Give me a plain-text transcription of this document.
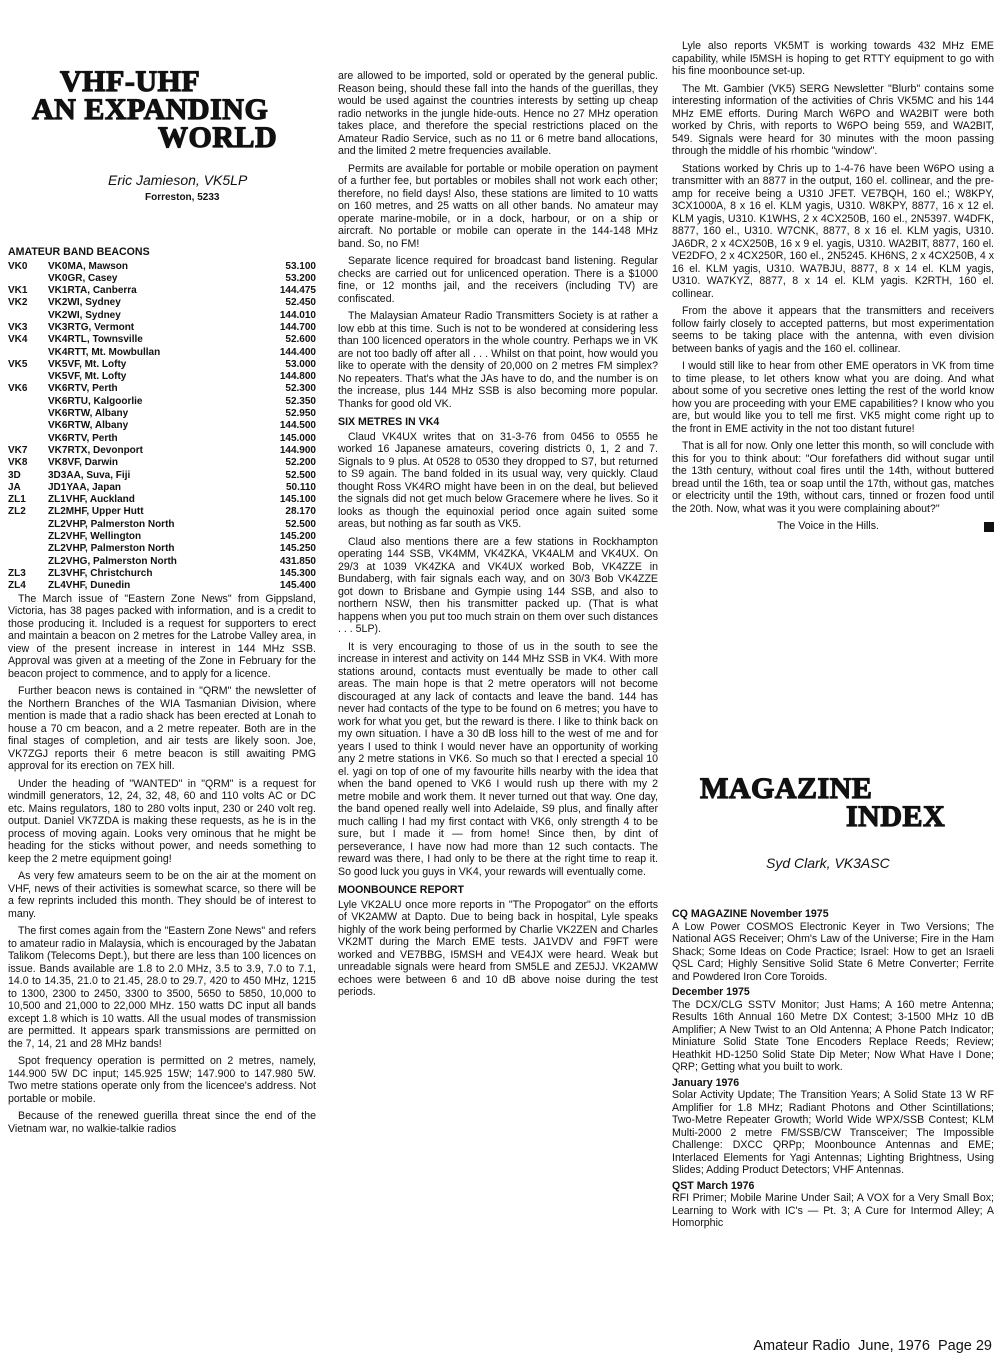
VHF-UHF
AN EXPANDING
WORLD
Eric Jamieson, VK5LP
Forreston, 5233
AMATEUR BAND BEACONS
VK0	VK0MA, Mawson	53.100
	VK0GR, Casey	53.200
VK1	VK1RTA, Canberra	144.475
VK2	VK2WI, Sydney	52.450
	VK2WI, Sydney	144.010
VK3	VK3RTG, Vermont	144.700
VK4	VK4RTL, Townsville	52.600
	VK4RTT, Mt. Mowbullan	144.400
VK5	VK5VF, Mt. Lofty	53.000
	VK5VF, Mt. Lofty	144.800
VK6	VK6RTV, Perth	52.300
	VK6RTU, Kalgoorlie	52.350
	VK6RTW, Albany	52.950
	VK6RTW, Albany	144.500
	VK6RTV, Perth	145.000
VK7	VK7RTX, Devonport	144.900
VK8	VK8VF, Darwin	52.200
3D	3D3AA, Suva, Fiji	52.500
JA	JD1YAA, Japan	50.110
ZL1	ZL1VHF, Auckland	145.100
ZL2	ZL2MHF, Upper Hutt	28.170
	ZL2VHP, Palmerston North	52.500
	ZL2VHF, Wellington	145.200
	ZL2VHP, Palmerston North	145.250
	ZL2VHG, Palmerston North	431.850
ZL3	ZL3VHF, Christchurch	145.300
ZL4	ZL4VHF, Dunedin	145.400

The March issue of "Eastern Zone News" from Gippsland, Victoria, has 38 pages packed with information, and is a credit to those producing it. Included is a request for supporters to erect and maintain a beacon on 2 metres for the Latrobe Valley area, in view of the present increase in interest in 144 MHz SSB. Approval was given at a meeting of the Zone in February for the beacon project to commence, and to apply for a licence.

Further beacon news is contained in "QRM" the newsletter of the Northern Branches of the WIA Tasmanian Division, where mention is made that a radio shack has been erected at Lonah to house a 70 cm beacon, and a 2 metre repeater. Both are in the final stages of completion, and air tests are likely soon. Joe, VK7ZGJ reports their 6 metre beacon is still awaiting PMG approval for its erection on 7EX hill.

Under the heading of "WANTED" in "QRM" is a request for windmill generators, 12, 24, 32, 48, 60 and 110 volts AC or DC etc. Mains regulators, 180 to 280 volts input, 230 or 240 volt reg. output. Daniel VK7ZDA is making these requests, as he is in the process of moving again. Looks very ominous that he might be heading for the sticks without power, and needs something to keep the 2 metre equipment going!

As very few amateurs seem to be on the air at the moment on VHF, news of their activities is somewhat scarce, so there will be a few reprints included this month. They should be of interest to many.

The first comes again from the "Eastern Zone News" and refers to amateur radio in Malaysia, which is encouraged by the Jabatan Talikom (Telecoms Dept.), but there are less than 100 licences on issue. Bands available are 1.8 to 2.0 MHz, 3.5 to 3.9, 7.0 to 7.1, 14.0 to 14.35, 21.0 to 21.45, 28.0 to 29.7, 420 to 450 MHz, 1215 to 1300, 2300 to 2450, 3300 to 3500, 5650 to 5850, 10,000 to 10,500 and 21,000 to 22,000 MHz. 150 watts DC input all bands except 1.8 which is 10 watts. All the usual modes of transmission are permitted. It appears spark transmissions are permitted on the 7, 14, 21 and 28 MHz bands!

Spot frequency operation is permitted on 2 metres, namely, 144.900 5W DC input; 145.925 15W; 147.900 to 147.980 5W. Two metre stations operate only from the licencee's address. Not portable or mobile.

Because of the renewed guerilla threat since the end of the Vietnam war, no walkie-talkie radios

are allowed to be imported, sold or operated by the general public. Reason being, should these fall into the hands of the guerillas, they would be used against the countries interests by setting up cheap radio networks in the jungle hide-outs. Hence no 27 MHz operation takes place, and therefore the special restrictions placed on the Amateur Radio Service, such as no 11 or 6 metre band allocations, and the limited 2 metre frequencies available.

Permits are available for portable or mobile operation on payment of a further fee, but portables or mobiles shall not work each other; therefore, no field days! Also, these stations are limited to 10 watts on 160 metres, and 25 watts on all other bands. No amateur may operate marine-mobile, or in a dock, harbour, or on a ship or aircraft. No portable or mobile can operate in the 144-148 MHz band. So, no FM!

Separate licence required for broadcast band listening. Regular checks are carried out for unlicenced operation. There is a $1000 fine, or 12 months jail, and the receivers (including TV) are confiscated.

The Malaysian Amateur Radio Transmitters Society is at rather a low ebb at this time. Such is not to be wondered at considering less than 100 licenced operators in the whole country. Perhaps we in VK are not too badly off after all . . . Whilst on that point, how would you like to operate with the density of 20,000 on 2 metres FM simplex? No repeaters. That's what the JAs have to do, and the number is on the increase, plus 144 MHz SSB is also becoming more popular. Thanks for good old VK.

SIX METRES IN VK4

Claud VK4UX writes that on 31-3-76 from 0456 to 0555 he worked 16 Japanese amateurs, covering districts 0, 1, 2 and 7. Signals to 9 plus. At 0528 to 0530 they dropped to S7, but returned to S9 again. The band folded in its usual way, very quickly. Claud thought Ross VK4RO might have been in on the deal, but believed the signals did not get much below Gracemere where he lives. So it looks as though the equinoxial period once again suited some areas, but nothing as far south as VK5.

Claud also mentions there are a few stations in Rockhampton operating 144 SSB, VK4MM, VK4ZKA, VK4ALM and VK4UX. On 29/3 at 1039 VK4ZKA and VK4UX worked Bob, VK4ZZE in Bundaberg, with fair signals each way, and on 30/3 Bob VK4ZZE got down to Brisbane and Gympie using 144 SSB, and also to northern NSW, then his transmitter packed up. (That is what happens when you put too much strain on them over such distances . . . 5LP).

It is very encouraging to those of us in the south to see the increase in interest and activity on 144 MHz SSB in VK4. With more stations around, contacts must eventually be made to other call areas. The main hope is that 2 metre operators will not become discouraged at any lack of contacts and leave the band. 144 has never had contacts of the type to be found on 6 metres; you have to work for what you get, but the reward is there. I like to think back on my own situation. I have a 30 dB loss hill to the west of me and for years I used to think I would never have an opportunity of working any 2 metre stations in VK6. So much so that I erected a special 10 el. yagi on top of one of my favourite hills nearby with the idea that when the band opened to VK6 I would rush up there with my 2 metre mobile and work them. It never turned out that way. One day, the band opened really well into Adelaide, S9 plus, and finally after much calling I had my first contact with VK6, only strength 4 to be sure, but I made it — from home! Since then, by dint of perseverance, I have now had more than 12 such contacts. The reward was there, I had only to be there at the right time to reap it. So good luck you guys in VK4, your rewards will eventually come.

MOONBOUNCE REPORT

Lyle VK2ALU once more reports in "The Propogator" on the efforts of VK2AMW at Dapto. Due to being back in hospital, Lyle speaks highly of the work being performed by Charlie VK2ZEN and Charles VK2MT during the March EME tests. JA1VDV and F9FT were worked and VE7BBG, I5MSH and VE4JX were heard. Weak but unreadable signals were heard from SM5LE and ZE5JJ. VK2AMW echoes were between 6 and 10 dB above noise during the test periods.

Lyle also reports VK5MT is working towards 432 MHz EME capability, while I5MSH is hoping to get RTTY equipment to go with his fine moonbounce set-up.

The Mt. Gambier (VK5) SERG Newsletter "Blurb" contains some interesting information of the activities of Chris VK5MC and his 144 MHz EME efforts. During March W6PO and WA2BIT were both worked by Chris, with reports to W6PO being 559, and WA2BIT, 549. Signals were heard for 30 minutes with the moon passing through the middle of his rhombic "window".

Stations worked by Chris up to 1-4-76 have been W6PO using a transmitter with an 8877 in the output, 160 el. collinear, and the pre-amp for receive being a U310 JFET. VE7BQH, 160 el.; W8KPY, 3CX1000A, 8 x 16 el. KLM yagis, U310. W8KPY, 8877, 16 x 12 el. KLM yagis, U310. K1WHS, 2 x 4CX250B, 160 el., 2N5397. W4DFK, 8877, 160 el., U310. W7CNK, 8877, 8 x 16 el. KLM yagis, U310. JA6DR, 2 x 4CX250B, 16 x 9 el. yagis, U310. WA2BIT, 8877, 160 el. VE2DFO, 2 x 4CX250R, 160 el., 2N5245. KH6NS, 2 x 4CX250B, 4 x 16 el. KLM yagis, U310. WA7BJU, 8877, 8 x 14 el. KLM yagis, U310. WA7KYZ, 8877, 8 x 14 el. KLM yagis. K2RTH, 160 el. collinear.

From the above it appears that the transmitters and receivers follow fairly closely to accepted patterns, but most experimentation seems to be taking place with the antenna, with even division between banks of yagis and the 160 el. collinear.

I would still like to hear from other EME operators in VK from time to time please, to let others know what you are doing. And what about some of you secretive ones letting the rest of the world know how you are proceeding with your EME capabilities? I know who you are, but would like you to tell me first. VK5 might come right up to the front in EME activity in the not too distant future!

That is all for now. Only one letter this month, so will conclude with this for you to think about: "Our forefathers did without sugar until the 13th century, without coal fires until the 14th, without buttered bread until the 16th, tea or soap until the 17th, without gas, matches or electricity until the 19th, without cars, tinned or frozen food until the 20th. Now, what was it you were complaining about?"

The Voice in the Hills.

MAGAZINE
INDEX
Syd Clark, VK3ASC
CQ MAGAZINE November 1975
A Low Power COSMOS Electronic Keyer in Two Versions; The National AGS Receiver; Ohm's Law of the Universe; Fire in the Ham Shack; Some Ideas on Code Practice; Israel: How to get an Israeli QSL Card; Highly Sensitive Solid State 6 Metre Converter; Ferrite and Powdered Iron Core Toroids.
December 1975
The DCX/CLG SSTV Monitor; Just Hams; A 160 metre Antenna; Results 16th Annual 160 Metre DX Contest; 3-1500 MHz 10 dB Amplifier; A New Twist to an Old Antenna; A Phone Patch Indicator; Miniature Solid State Tone Encoders Replace Reeds; Review; Heathkit HD-1250 Solid State Dip Meter; Now What Have I Done; QRP; Getting what you built to work.
January 1976
Solar Activity Update; The Transition Years; A Solid State 13 W RF Amplifier for 1.8 MHz; Radiant Photons and Other Scintillations; Two-Metre Repeater Growth; World Wide WPX/SSB Contest; KLM Multi-2000 2 metre FM/SSB/CW Transceiver; The Impossible Challenge: DXCC QRPp; Moonbounce Antennas and EME; Interlaced Elements for Yagi Antennas; Lighting Brightness, Using Slides; Adding Product Detectors; VHF Antennas.
QST March 1976
RFI Primer; Mobile Marine Under Sail; A VOX for a Very Small Box; Learning to Work with IC's — Pt. 3; A Cure for Intermod Alley; A Homorphic
Amateur Radio June, 1976 Page 29
